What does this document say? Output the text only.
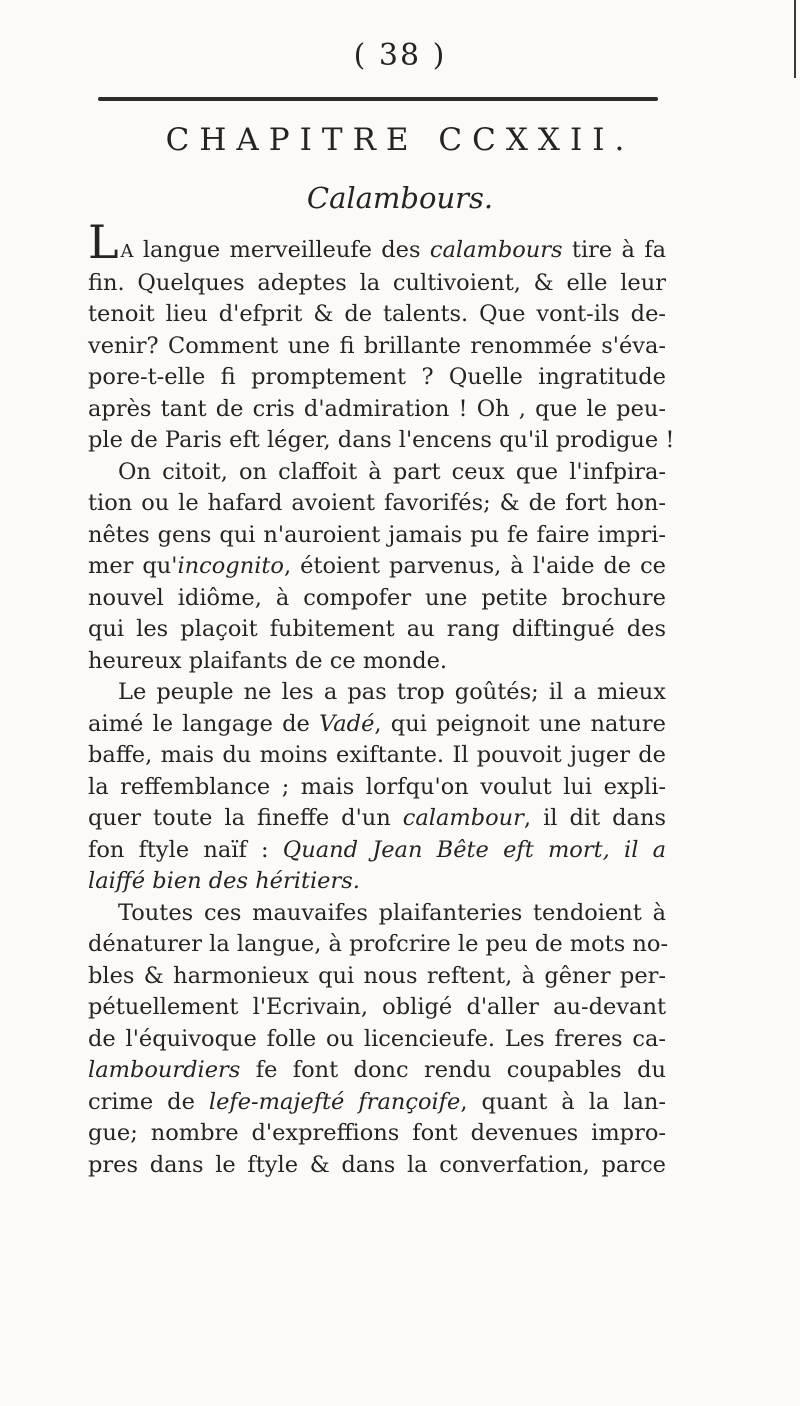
( 38 )
CHAPITRE CCXXII.
Calambours.
L A langue merveilleufe des calambours tire à fa
fin. Quelques adeptes la cultivoient, & elle leur
tenoit lieu d'efprit & de talents. Que vont-ils de-
venir? Comment une fi brillante renommée s'éva-
pore-t-elle fi promptement ? Quelle ingratitude
après tant de cris d'admiration ! Oh , que le peu-
ple de Paris eft léger, dans l'encens qu'il prodigue !
On citoit, on claffoit à part ceux que l'infpira-
tion ou le hafard avoient favorifés; & de fort hon-
nêtes gens qui n'auroient jamais pu fe faire impri-
mer qu'incognito, étoient parvenus, à l'aide de ce
nouvel idiôme, à compofer une petite brochure
qui les plaçoit fubitement au rang diftingué des
heureux plaifants de ce monde.
Le peuple ne les a pas trop goûtés; il a mieux
aimé le langage de Vadé, qui peignoit une nature
baffe, mais du moins exiftante. Il pouvoit juger de
la reffemblance ; mais lorfqu'on voulut lui expli-
quer toute la fineffe d'un calambour, il dit dans
fon ftyle naïf : Quand Jean Bête eft mort, il a
laiffé bien des héritiers.
Toutes ces mauvaifes plaifanteries tendoient à
dénaturer la langue, à profcrire le peu de mots no-
bles & harmonieux qui nous reftent, à gêner per-
pétuellement l'Ecrivain, obligé d'aller au-devant
de l'équivoque folle ou licencieufe. Les freres ca-
lambourdiers fe font donc rendu coupables du
crime de lefe-majefté françoife, quant à la lan-
gue; nombre d'expreffions font devenues impro-
pres dans le ftyle & dans la converfation, parce
